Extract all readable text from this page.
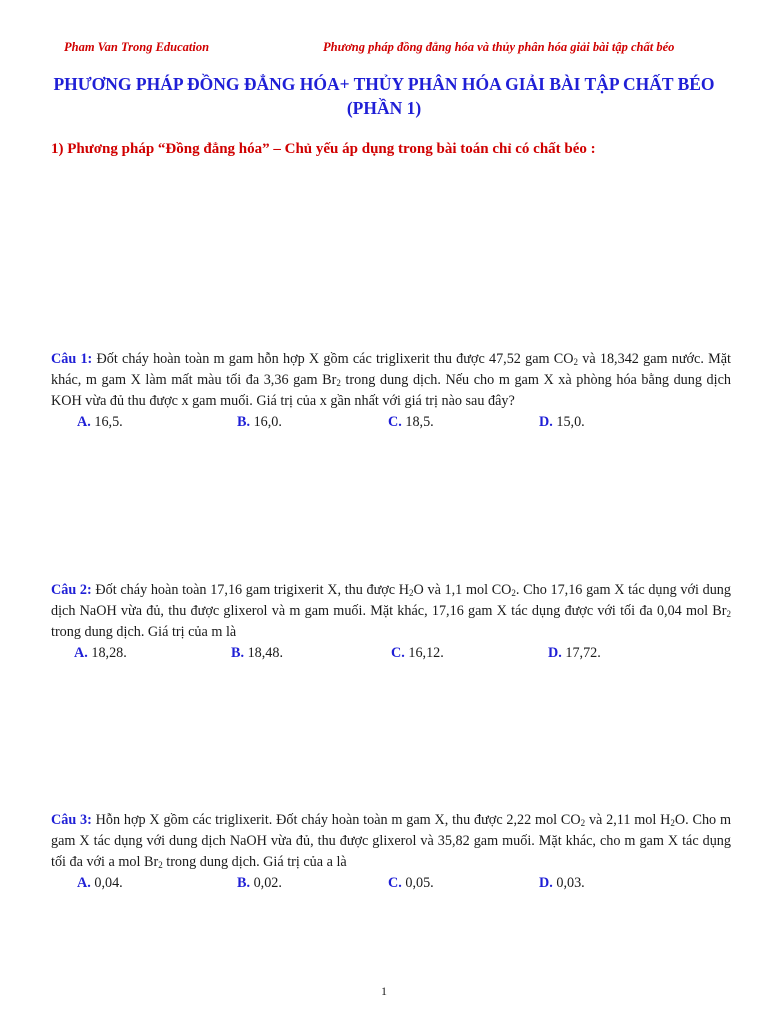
Pham Van Trong Education	Phương pháp đồng đẳng hóa và thủy phân hóa giải bài tập chất béo
PHƯƠNG PHÁP ĐỒNG ĐẲNG HÓA+ THỦY PHÂN HÓA GIẢI BÀI TẬP CHẤT BÉO
(PHẦN 1)
1) Phương pháp “Đồng đẳng hóa” – Chủ yếu áp dụng trong bài toán chỉ có chất béo :
Câu 1: Đốt cháy hoàn toàn m gam hỗn hợp X gồm các triglixerit thu được 47,52 gam $CO_2$ và 18,342 gam nước. Mặt khác, m gam X làm mất màu tối đa 3,36 gam $Br_2$ trong dung dịch. Nếu cho m gam X xà phòng hóa bằng dung dịch KOH vừa đủ thu được x gam muối. Giá trị của x gần nhất với giá trị nào sau đây?
A. 16,5.	B. 16,0.	C. 18,5.	D. 15,0.
Câu 2: Đốt cháy hoàn toàn 17,16 gam trigixerit X, thu được $H_2O$ và 1,1 mol $CO_2$. Cho 17,16 gam X tác dụng với dung dịch NaOH vừa đủ, thu được glixerol và m gam muối. Mặt khác, 17,16 gam X tác dụng được với tối đa 0,04 mol $Br_2$ trong dung dịch. Giá trị của m là
A. 18,28.	B. 18,48.	C. 16,12.	D. 17,72.
Câu 3: Hỗn hợp X gồm các triglixerit. Đốt cháy hoàn toàn m gam X, thu được 2,22 mol $CO_2$ và 2,11 mol $H_2O$. Cho m gam X tác dụng với dung dịch NaOH vừa đủ, thu được glixerol và 35,82 gam muối. Mặt khác, cho m gam X tác dụng tối đa với a mol $Br_2$ trong dung dịch. Giá trị của a là
A. 0,04.	B. 0,02.	C. 0,05.	D. 0,03.
1
